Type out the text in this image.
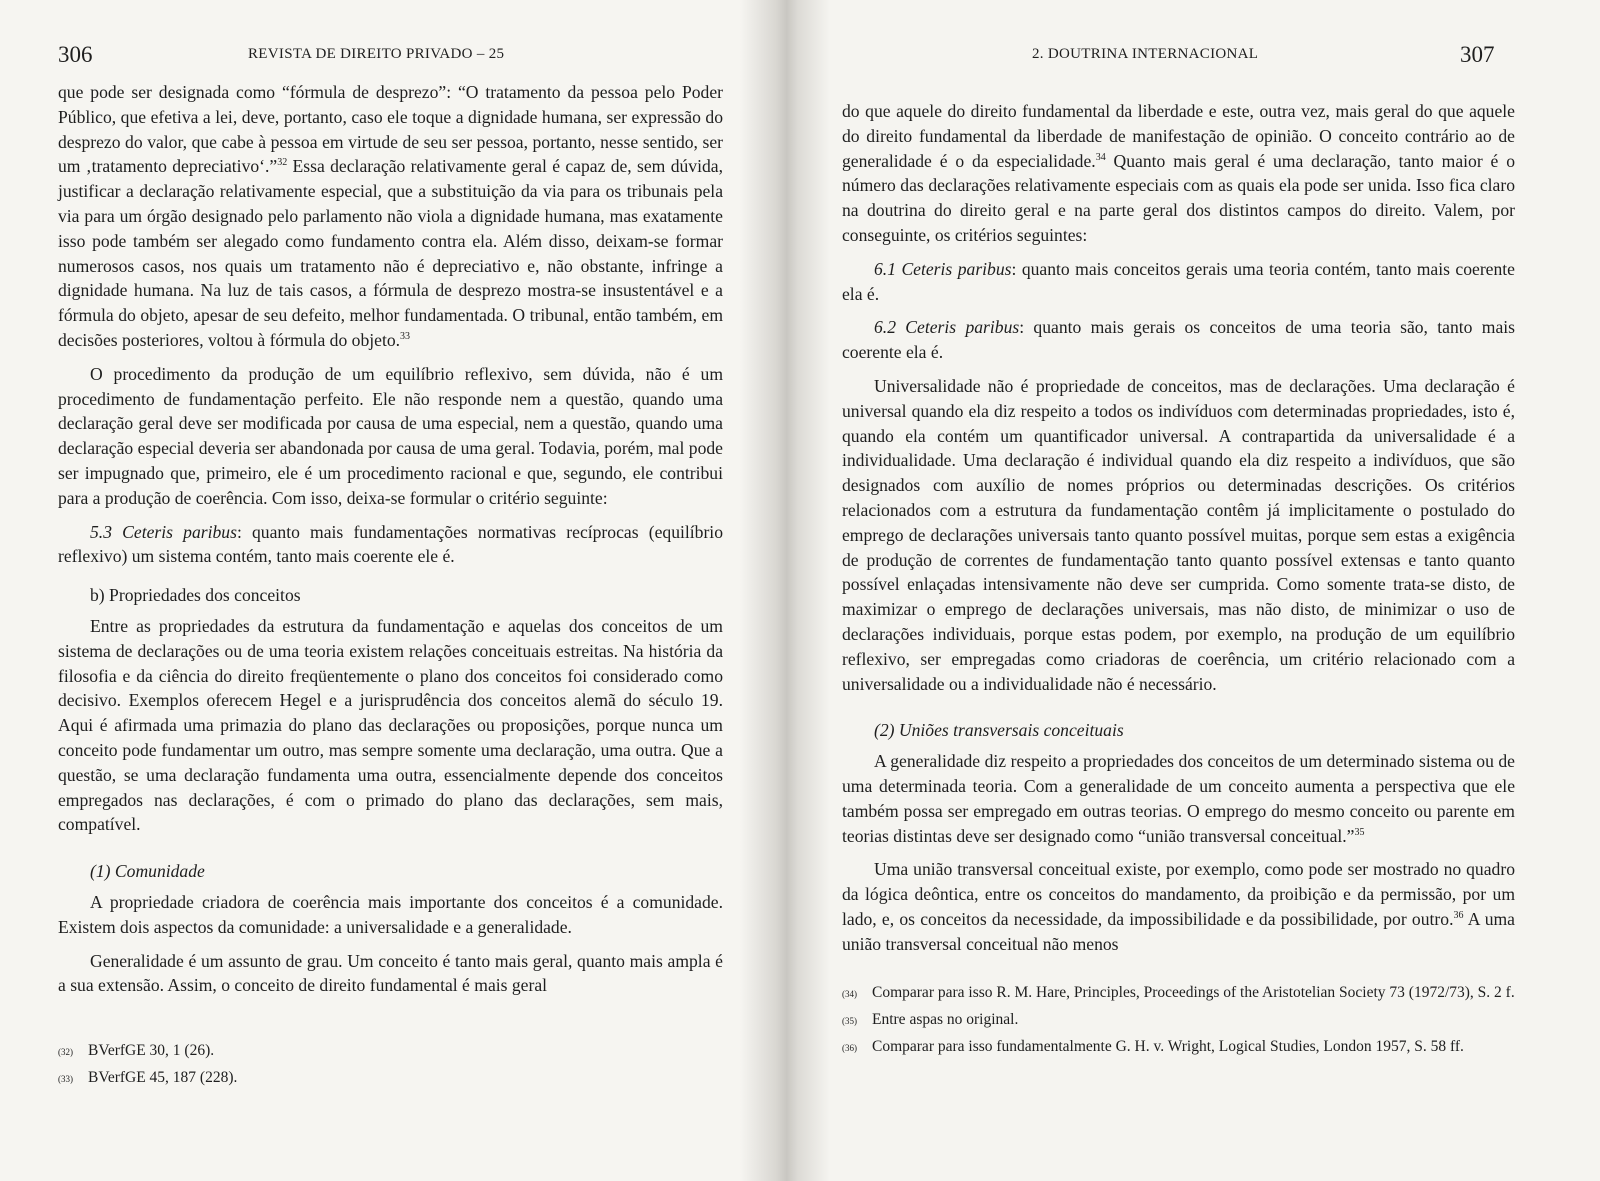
306	REVISTA DE DIREITO PRIVADO – 25

que pode ser designada como “fórmula de desprezo”: “O tratamento da pessoa pelo Poder Público, que efetiva a lei, deve, portanto, caso ele toque a dignidade humana, ser expressão do desprezo do valor, que cabe à pessoa em virtude de seu ser pessoa, portanto, nesse sentido, ser um ‚tratamento depreciativo‘.”$^{32}$ Essa declaração relativamente geral é capaz de, sem dúvida, justificar a declaração relativamente especial, que a substituição da via para os tribunais pela via para um órgão designado pelo parlamento não viola a dignidade humana, mas exatamente isso pode também ser alegado como fundamento contra ela. Além disso, deixam-se formar numerosos casos, nos quais um tratamento não é depreciativo e, não obstante, infringe a dignidade humana. Na luz de tais casos, a fórmula de desprezo mostra-se insustentável e a fórmula do objeto, apesar de seu defeito, melhor fundamentada. O tribunal, então também, em decisões posteriores, voltou à fórmula do objeto.$^{33}$

O procedimento da produção de um equilíbrio reflexivo, sem dúvida, não é um procedimento de fundamentação perfeito. Ele não responde nem a questão, quando uma declaração geral deve ser modificada por causa de uma especial, nem a questão, quando uma declaração especial deveria ser abandonada por causa de uma geral. Todavia, porém, mal pode ser impugnado que, primeiro, ele é um procedimento racional e que, segundo, ele contribui para a produção de coerência. Com isso, deixa-se formular o critério seguinte:

5.3 Ceteris paribus: quanto mais fundamentações normativas recíprocas (equilíbrio reflexivo) um sistema contém, tanto mais coerente ele é.

b) Propriedades dos conceitos

Entre as propriedades da estrutura da fundamentação e aquelas dos conceitos de um sistema de declarações ou de uma teoria existem relações conceituais estreitas. Na história da filosofia e da ciência do direito freqüentemente o plano dos conceitos foi considerado como decisivo. Exemplos oferecem Hegel e a jurisprudência dos conceitos alemã do século 19. Aqui é afirmada uma primazia do plano das declarações ou proposições, porque nunca um conceito pode fundamentar um outro, mas sempre somente uma declaração, uma outra. Que a questão, se uma declaração fundamenta uma outra, essencialmente depende dos conceitos empregados nas declarações, é com o primado do plano das declarações, sem mais, compatível.

(1) Comunidade

A propriedade criadora de coerência mais importante dos conceitos é a comunidade. Existem dois aspectos da comunidade: a universalidade e a generalidade.

Generalidade é um assunto de grau. Um conceito é tanto mais geral, quanto mais ampla é a sua extensão. Assim, o conceito de direito fundamental é mais geral

(32) BVerfGE 30, 1 (26).
(33) BVerfGE 45, 187 (228).
2. DOUTRINA INTERNACIONAL	307

do que aquele do direito fundamental da liberdade e este, outra vez, mais geral do que aquele do direito fundamental da liberdade de manifestação de opinião. O conceito contrário ao de generalidade é o da especialidade.$^{34}$ Quanto mais geral é uma declaração, tanto maior é o número das declarações relativamente especiais com as quais ela pode ser unida. Isso fica claro na doutrina do direito geral e na parte geral dos distintos campos do direito. Valem, por conseguinte, os critérios seguintes:

6.1 Ceteris paribus: quanto mais conceitos gerais uma teoria contém, tanto mais coerente ela é.

6.2 Ceteris paribus: quanto mais gerais os conceitos de uma teoria são, tanto mais coerente ela é.

Universalidade não é propriedade de conceitos, mas de declarações. Uma declaração é universal quando ela diz respeito a todos os indivíduos com determinadas propriedades, isto é, quando ela contém um quantificador universal. A contrapartida da universalidade é a individualidade. Uma declaração é individual quando ela diz respeito a indivíduos, que são designados com auxílio de nomes próprios ou determinadas descrições. Os critérios relacionados com a estrutura da fundamentação contêm já implicitamente o postulado do emprego de declarações universais tanto quanto possível muitas, porque sem estas a exigência de produção de correntes de fundamentação tanto quanto possível extensas e tanto quanto possível enlaçadas intensivamente não deve ser cumprida. Como somente trata-se disto, de maximizar o emprego de declarações universais, mas não disto, de minimizar o uso de declarações individuais, porque estas podem, por exemplo, na produção de um equilíbrio reflexivo, ser empregadas como criadoras de coerência, um critério relacionado com a universalidade ou a individualidade não é necessário.

(2) Uniões transversais conceituais

A generalidade diz respeito a propriedades dos conceitos de um determinado sistema ou de uma determinada teoria. Com a generalidade de um conceito aumenta a perspectiva que ele também possa ser empregado em outras teorias. O emprego do mesmo conceito ou parente em teorias distintas deve ser designado como “união transversal conceitual.”$^{35}$

Uma união transversal conceitual existe, por exemplo, como pode ser mostrado no quadro da lógica deôntica, entre os conceitos do mandamento, da proibição e da permissão, por um lado, e, os conceitos da necessidade, da impossibilidade e da possibilidade, por outro.$^{36}$ A uma união transversal conceitual não menos

(34) Comparar para isso R. M. Hare, Principles, Proceedings of the Aristotelian Society 73 (1972/73), S. 2 f.
(35) Entre aspas no original.
(36) Comparar para isso fundamentalmente G. H. v. Wright, Logical Studies, London 1957, S. 58 ff.
